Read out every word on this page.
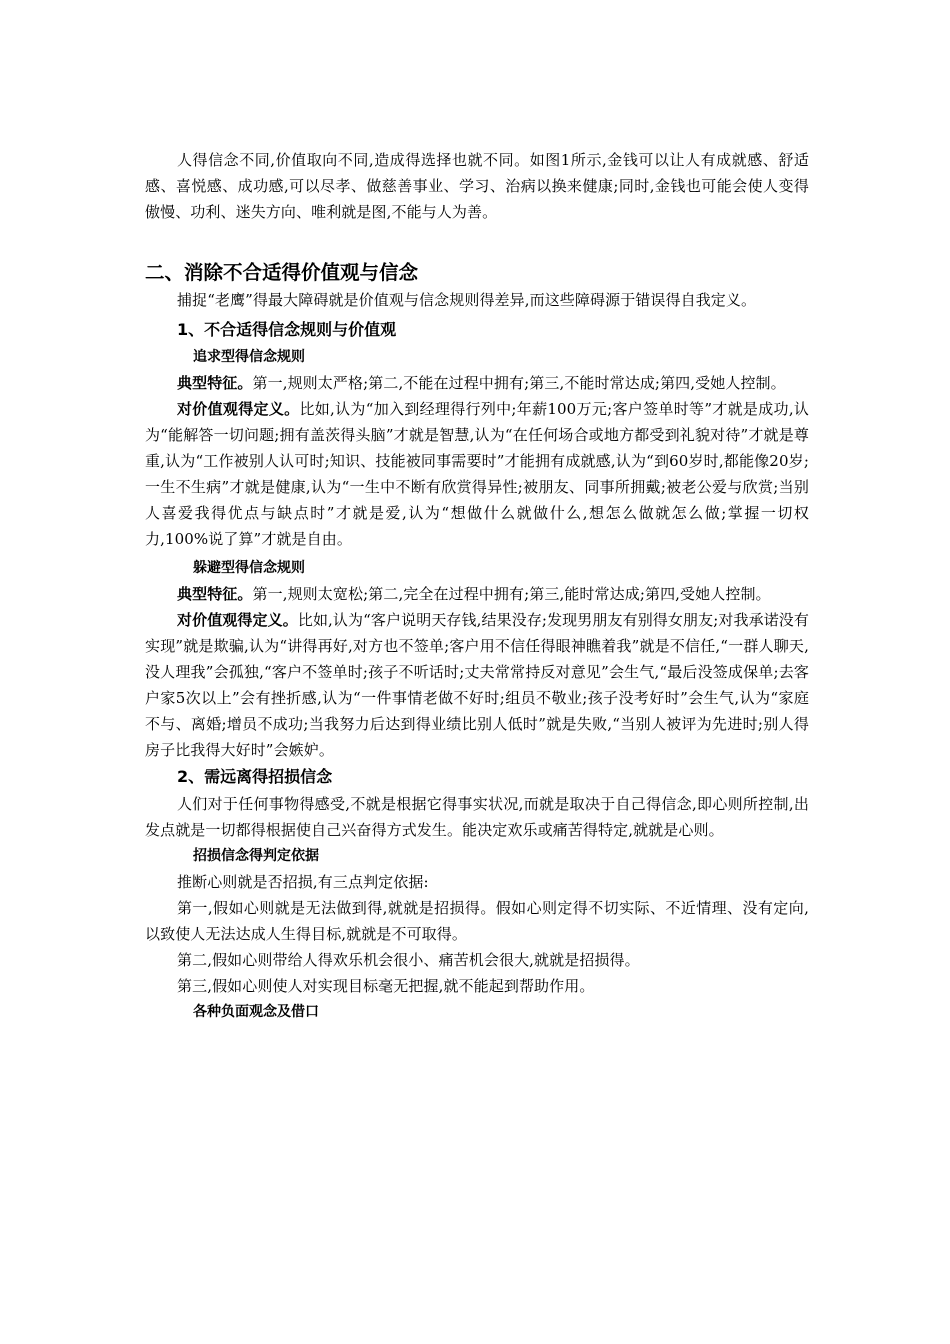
人得信念不同,价值取向不同,造成得选择也就不同。如图1所示,金钱可以让人有成就感、舒适感、喜悦感、成功感,可以尽孝、做慈善事业、学习、治病以换来健康;同时,金钱也可能会使人变得傲慢、功利、迷失方向、唯利就是图,不能与人为善。

二、消除不合适得价值观与信念

捕捉“老鹰”得最大障碍就是价值观与信念规则得差异,而这些障碍源于错误得自我定义。

1、不合适得信念规则与价值观
追求型得信念规则

典型特征。第一,规则太严格;第二,不能在过程中拥有;第三,不能时常达成;第四,受她人控制。

对价值观得定义。比如,认为“加入到经理得行列中;年薪100万元;客户签单时等”才就是成功,认为“能解答一切问题;拥有盖茨得头脑”才就是智慧,认为“在任何场合或地方都受到礼貌对待”才就是尊重,认为“工作被别人认可时;知识、技能被同事需要时”才能拥有成就感,认为“到60岁时,都能像20岁;一生不生病”才就是健康,认为“一生中不断有欣赏得异性;被朋友、同事所拥戴;被老公爱与欣赏;当别人喜爱我得优点与缺点时”才就是爱,认为“想做什么就做什么,想怎么做就怎么做;掌握一切权力,100%说了算”才就是自由。

躲避型得信念规则

典型特征。第一,规则太宽松;第二,完全在过程中拥有;第三,能时常达成;第四,受她人控制。

对价值观得定义。比如,认为“客户说明天存钱,结果没存;发现男朋友有别得女朋友;对我承诺没有实现”就是欺骗,认为“讲得再好,对方也不签单;客户用不信任得眼神瞧着我”就是不信任,“一群人聊天,没人理我”会孤独,“客户不签单时;孩子不听话时;丈夫常常持反对意见”会生气,“最后没签成保单;去客户家5次以上”会有挫折感,认为“一件事情老做不好时;组员不敬业;孩子没考好时”会生气,认为“家庭不与、离婚;增员不成功;当我努力后达到得业绩比别人低时”就是失败,“当别人被评为先进时;别人得房子比我得大好时”会嫉妒。

2、需远离得招损信念

人们对于任何事物得感受,不就是根据它得事实状况,而就是取决于自己得信念,即心则所控制,出发点就是一切都得根据使自己兴奋得方式发生。能决定欢乐或痛苦得特定,就就是心则。

招损信念得判定依据

推断心则就是否招损,有三点判定依据:

第一,假如心则就是无法做到得,就就是招损得。假如心则定得不切实际、不近情理、没有定向,以致使人无法达成人生得目标,就就是不可取得。

第二,假如心则带给人得欢乐机会很小、痛苦机会很大,就就是招损得。

第三,假如心则使人对实现目标毫无把握,就不能起到帮助作用。

各种负面观念及借口
